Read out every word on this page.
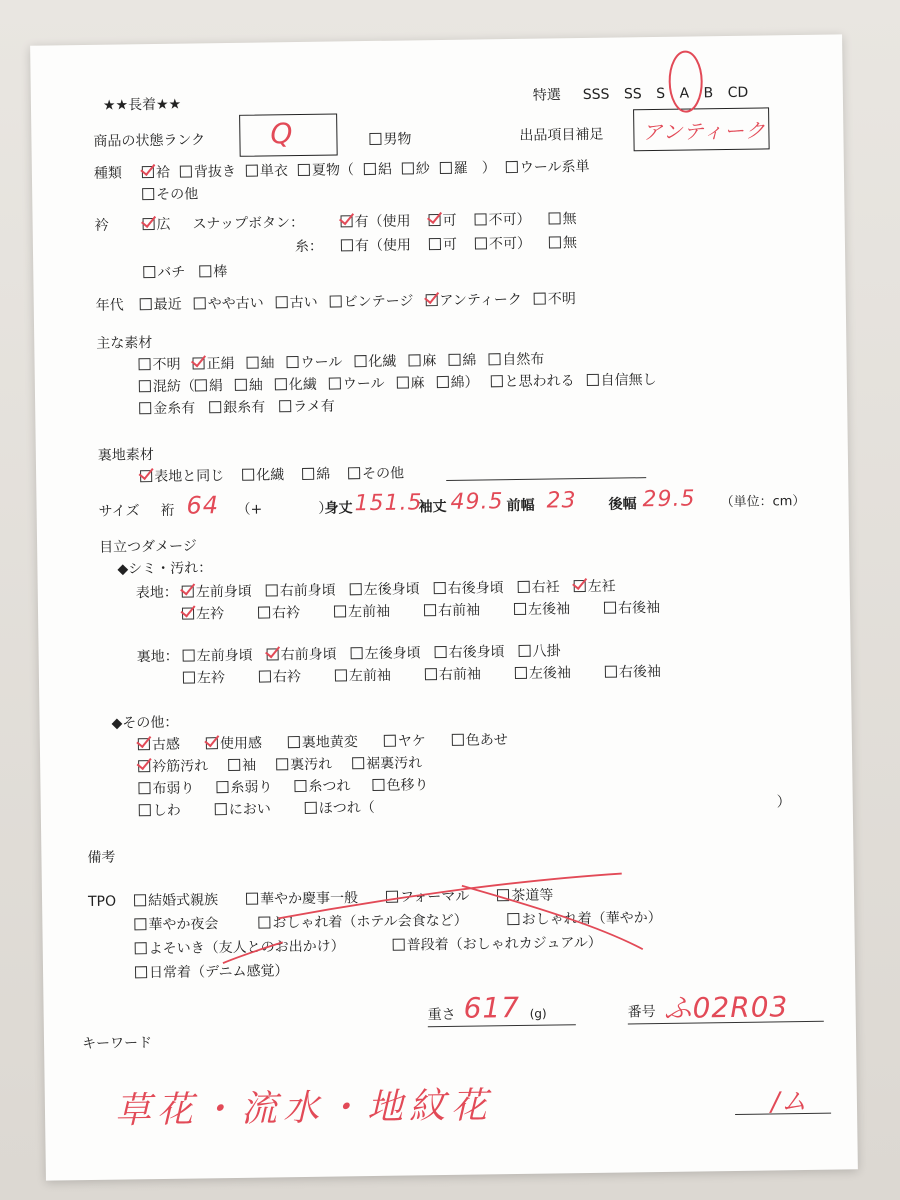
★★長着★★
特選 SSS SS S A B CD
商品の状態ランク Q	男物	出品項目補足 アンティーク
種類	袷 背抜き 単衣 夏物（ 絽 紗 羅　） ウール系単
その他
衿	広 スナップボタン：	有（使用 可 不可） 無
糸：	有（使用 可 不可） 無
バチ 棒
年代	最近 やや古い 古い ビンテージ アンティーク 不明
主な素材
不明 正絹 紬 ウール 化繊 麻 綿 自然布
混紡（ 絹 紬 化繊 ウール 麻 綿） と思われる 自信無し
金糸有 銀糸有 ラメ有
裏地素材
表地と同じ 化繊 綿 その他
サイズ 裄 64 （+　　　　）
身丈 151.5
袖丈 49.5 前幅 23 後幅 29.5 （単位：cm）
目立つダメージ
◆シミ・汚れ：
表地：	左前身頃 右前身頃 左後身頃 右後身頃 右衽 左衽
左衿	右衿	左前袖	右前袖	左後袖	右後袖
裏地：	左前身頃 右前身頃 左後身頃 右後身頃 八掛
左衿	右衿	左前袖	右前袖	左後袖	右後袖
◆その他：
古感	使用感	裏地黄変	ヤケ	色あせ
衿筋汚れ 袖 裏汚れ 裾裏汚れ
布弱り	糸弱り	糸つれ	色移り
しわ	におい	ほつれ（	）
備考
TPO	結婚式親族	華やか慶事一般	フォーマル	茶道等
華やか夜会	おしゃれ着（ホテル会食など）	おしゃれ着（華やか）
よそいき（友人とのお出かけ）	普段着（おしゃれカジュアル）
日常着（デニム感覚）
重さ 617 (g)	番号 ふ02R03
キーワード
草花・流水・地紋花	/ム
